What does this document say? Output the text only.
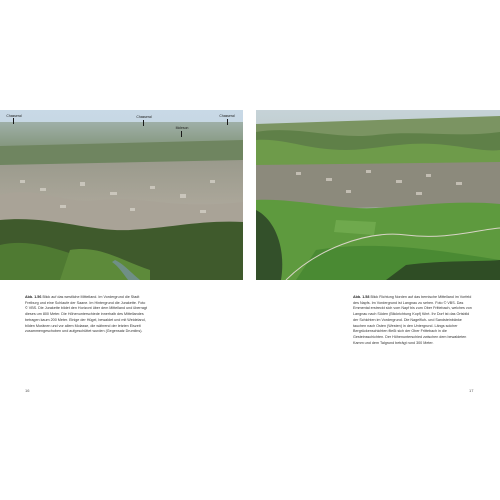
Chasseral	Chasseral
Moleson
Chasseral
Abb. 1.56 Blick auf das westliche Mittelland. Im Vordergrund die Stadt Freiburg und eine Schlaufe der Saane. Im Hintergrund die Jurakette. Foto © VBS. Die Jurakette bildet den Horizont über dem Mittelland und überragt dieses um 800 Meter. Die Höhenunterschiede innerhalb des Mittellandes betragen kaum 200 Meter. Einige der Hügel, bewaldet und mit Weideland, bilden Moränen und vor allem Molasse, die während der letzten Eiszeit zusammengeschoben und aufgeschüttet wurden (Gegensatz Drumlins).
Abb. 1.58 Blick Richtung Norden auf das bernische Mittelland im Vorfeld des Napfs. Im Vordergrund ist Langnau zu sehen. Foto © VBS. Das Emmental erstreckt sich vom Napf bis zum Ober Frittebach, welches von Langnau nach Süden (Blickrichtung Kopf) führt. Ihr Dorf ist das Ortsbild der Schichten im Vordergrund. Die Nagelfluh- und Sandsteinbänke tauchen nach Osten (Westen) in den Untergrund. Längs solcher Bergrückenschichten fließt sich der Ober Frittebach in die Gesteinsschichten. Der Höhenunterschied zwischen dem bewaldeten Kamm und dem Talgrund beträgt rund 300 Meter.
16	17
